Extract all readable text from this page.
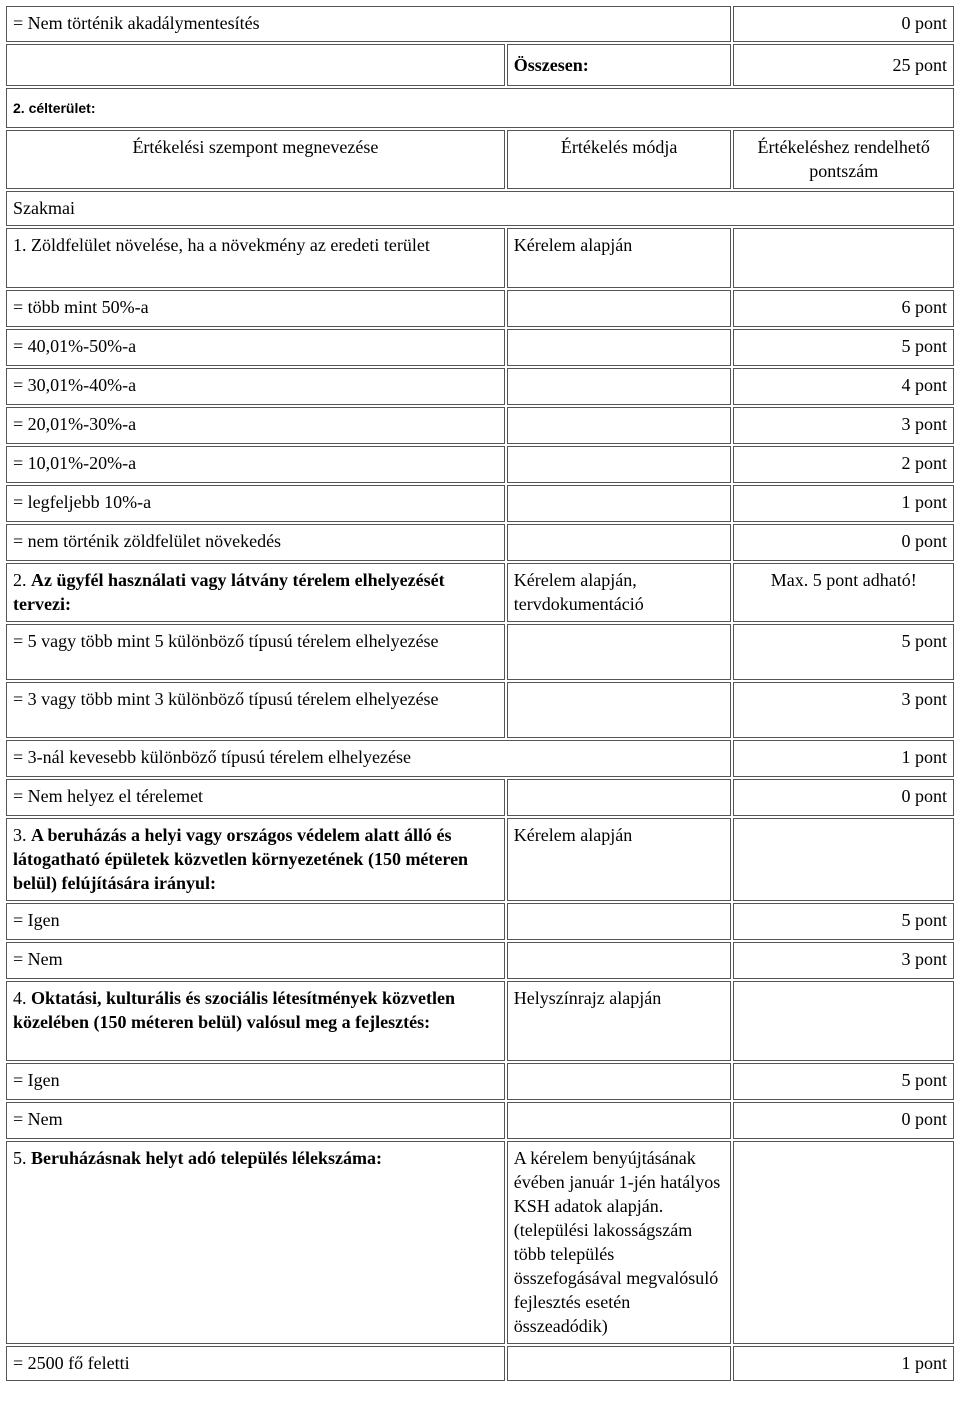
= Nem történik akadálymentesítés		0 pont
	Összesen:	25 pont
2. célterület:		
Értékelési szempont megnevezése	Értékelés módja	Értékeléshez rendelhető pontszám
Szakmai		
1. Zöldfelület növelése, ha a növekmény az eredeti terület	Kérelem alapján	
= több mint 50%-a		6 pont
= 40,01%-50%-a		5 pont
= 30,01%-40%-a		4 pont
= 20,01%-30%-a		3 pont
= 10,01%-20%-a		2 pont
= legfeljebb 10%-a		1 pont
= nem történik zöldfelület növekedés		0 pont
2. Az ügyfél használati vagy látvány térelem elhelyezését tervezi:	Kérelem alapján, tervdokumentáció	Max. 5 pont adható!
= 5 vagy több mint 5 különböző típusú térelem elhelyezése		5 pont
= 3 vagy több mint 3 különböző típusú térelem elhelyezése		3 pont
= 3-nál kevesebb különböző típusú térelem elhelyezése		1 pont
= Nem helyez el térelemet		0 pont
3. A beruházás a helyi vagy országos védelem alatt álló és látogatható épületek közvetlen környezetének (150 méteren belül) felújítására irányul:	Kérelem alapján	
= Igen		5 pont
= Nem		3 pont
4. Oktatási, kulturális és szociális létesítmények közvetlen közelében (150 méteren belül) valósul meg a fejlesztés:	Helyszínrajz alapján	
= Igen		5 pont
= Nem		0 pont
5. Beruházásnak helyt adó település lélekszáma:	A kérelem benyújtásának évében január 1-jén hatályos KSH adatok alapján. (települési lakosságszám több település összefogásával megvalósuló fejlesztés esetén összeadódik)	
= 2500 fő feletti		1 pont
